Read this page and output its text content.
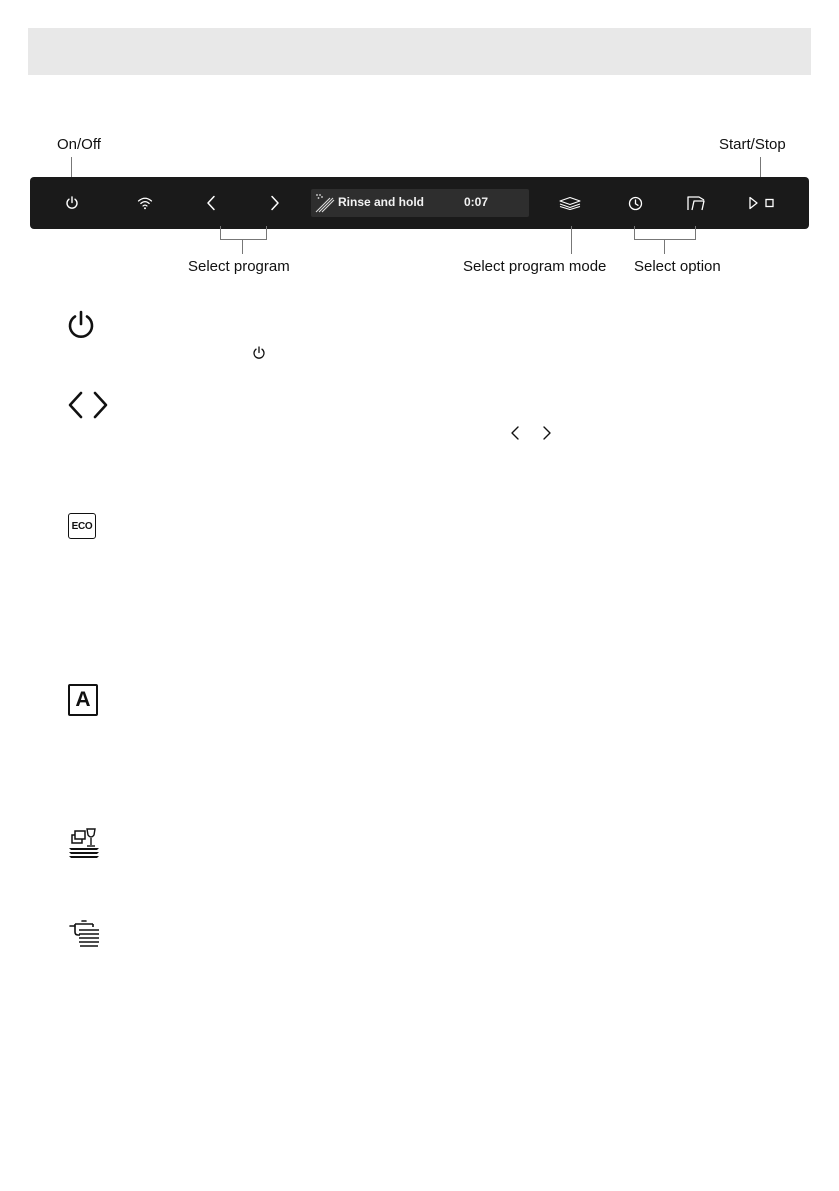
On/Off	Start/Stop
Rinse and hold	0:07
Select program	Select program mode Select option
ECO
A
